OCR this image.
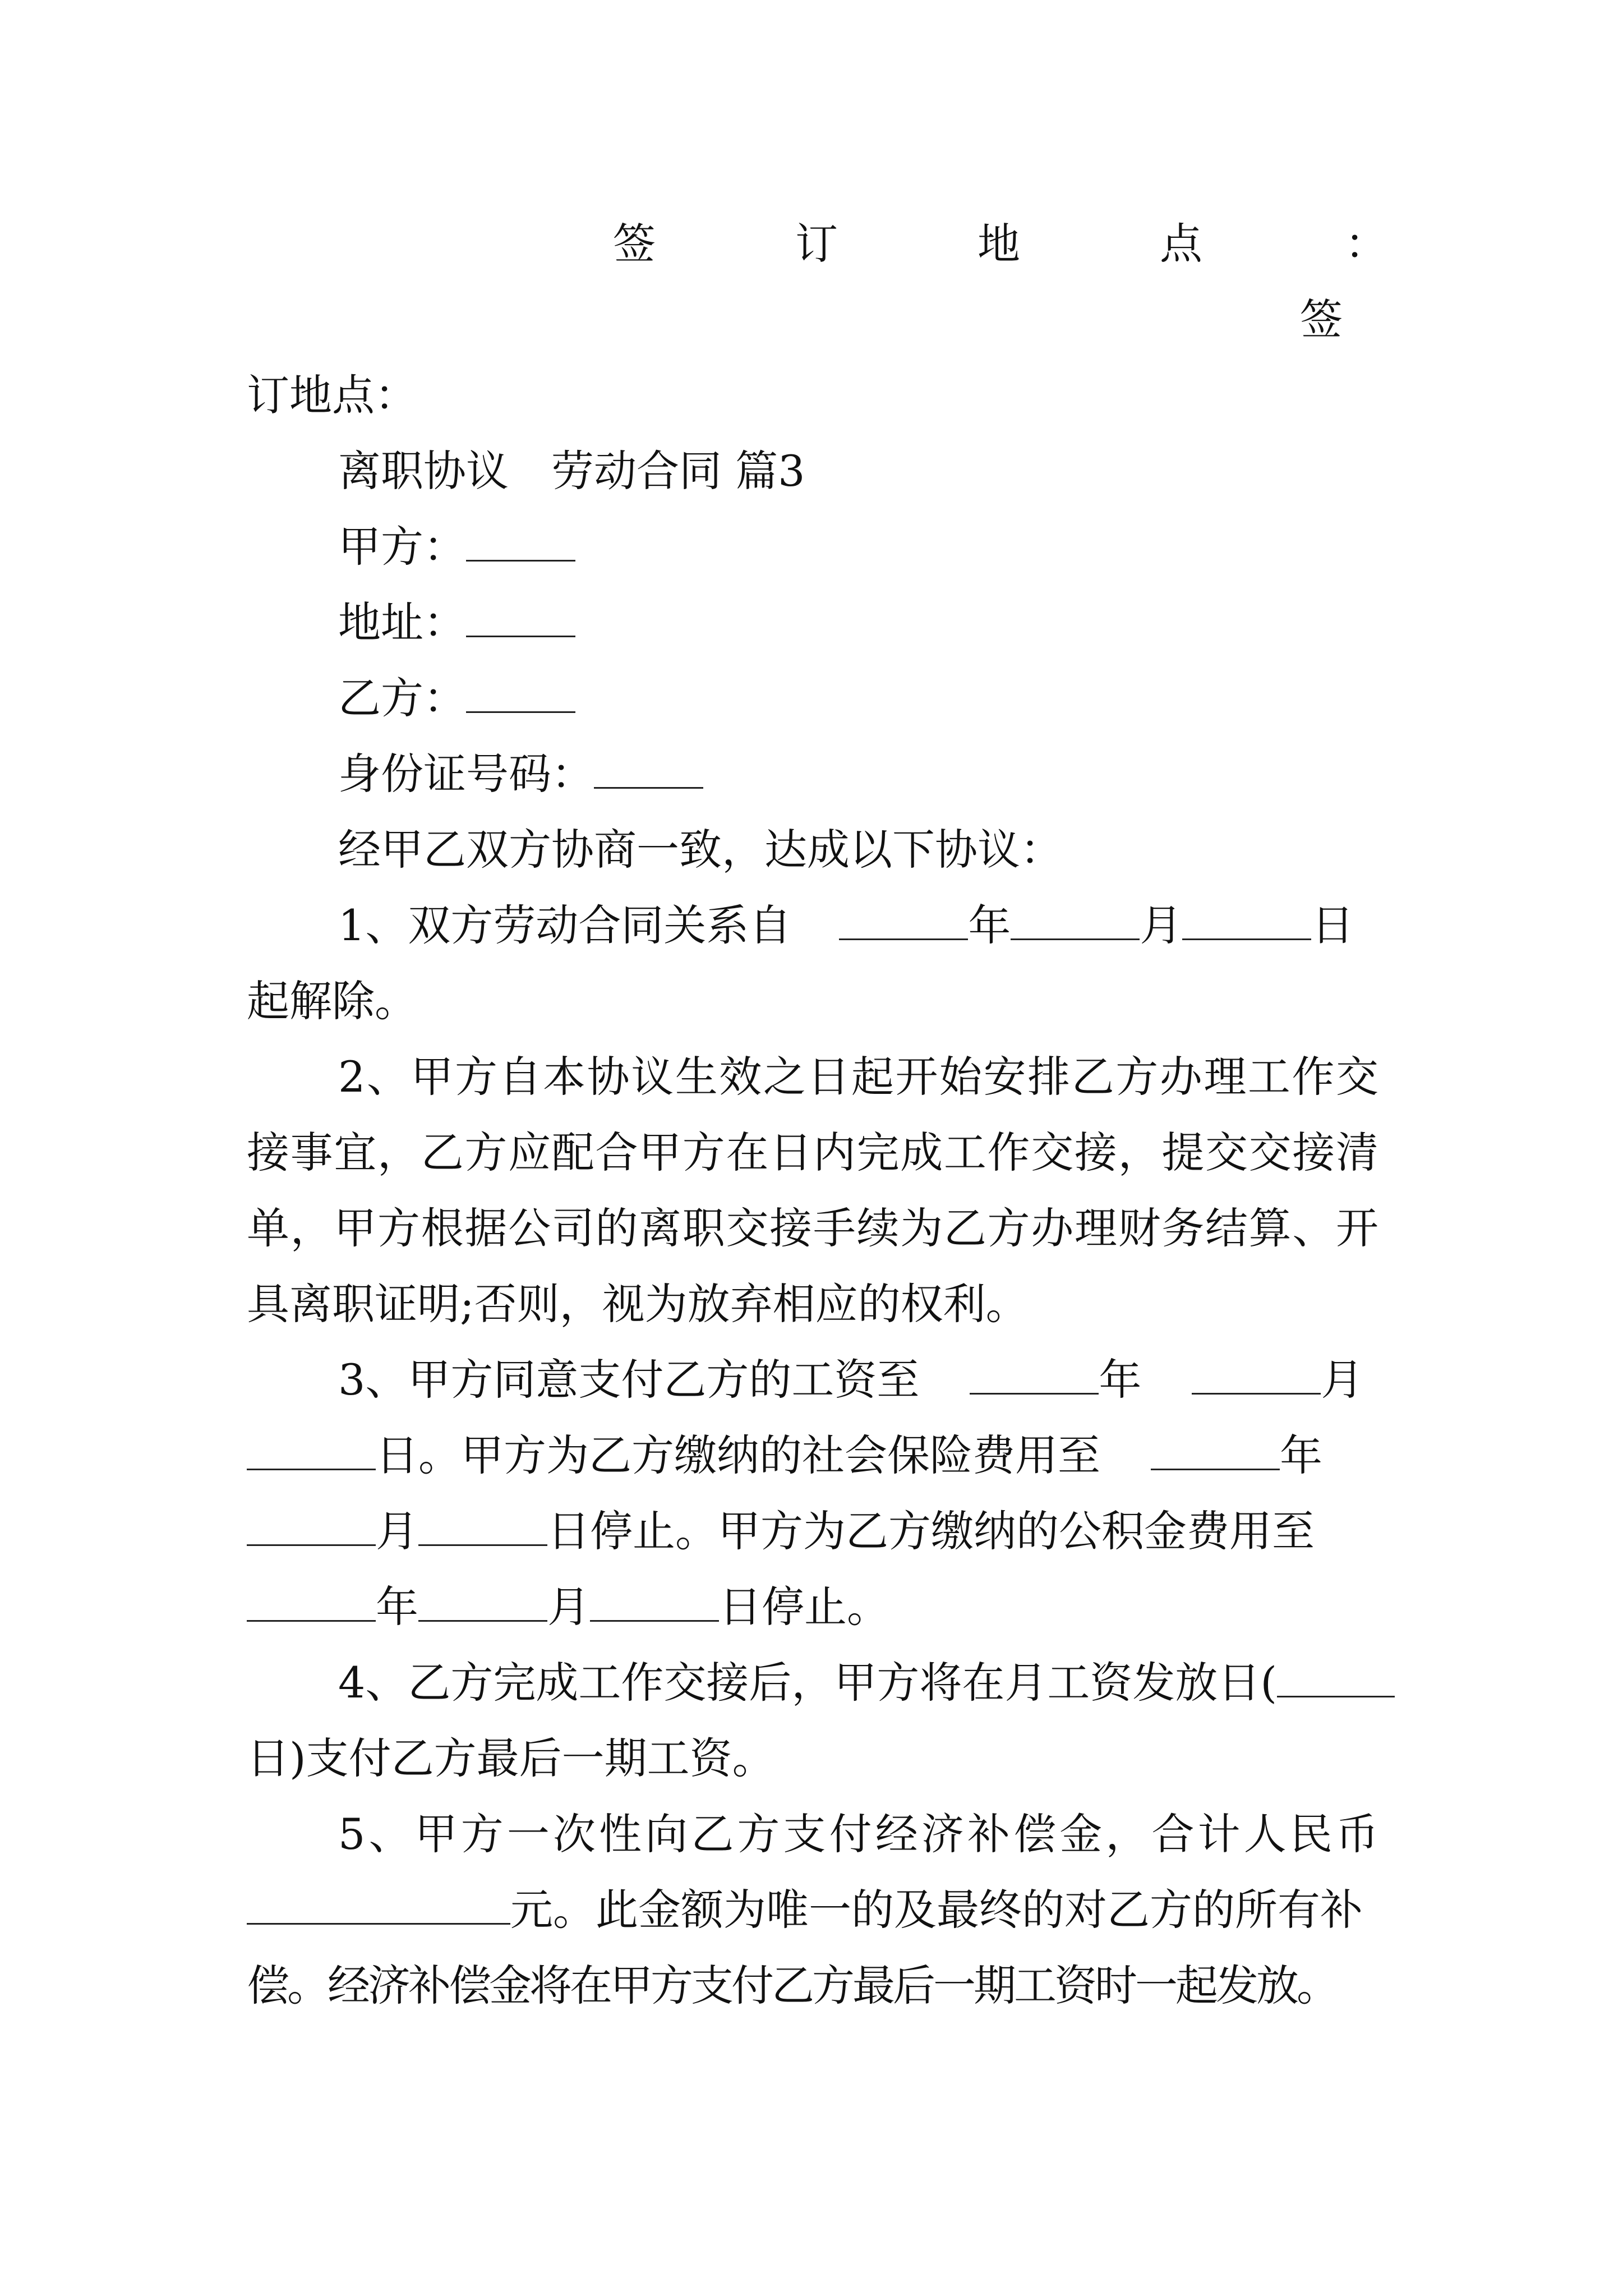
签	订	地	点	：
签
订地点：
离职协议　劳动合同 篇3
甲方：
地址：
乙方：
身份证号码：
经甲乙双方协商一致，达成以下协议：
1、双方劳动合同关系自	年	月	日
起解除。
2、甲方自本协议生效之日起开始安排乙方办理工作交
接事宜，乙方应配合甲方在日内完成工作交接，提交交接清
单，甲方根据公司的离职交接手续为乙方办理财务结算、开
具离职证明;否则，视为放弃相应的权利。
3、甲方同意支付乙方的工资至	年	月
日。甲方为乙方缴纳的社会保险费用至	年
月	日停止。甲方为乙方缴纳的公积金费用至
年	月	日停止。
4、乙方完成工作交接后，甲方将在月工资发放日(
日)支付乙方最后一期工资。
5、甲方一次性向乙方支付经济补偿金，合计人民币
元。此金额为唯一的及最终的对乙方的所有补
偿。经济补偿金将在甲方支付乙方最后一期工资时一起发放。
